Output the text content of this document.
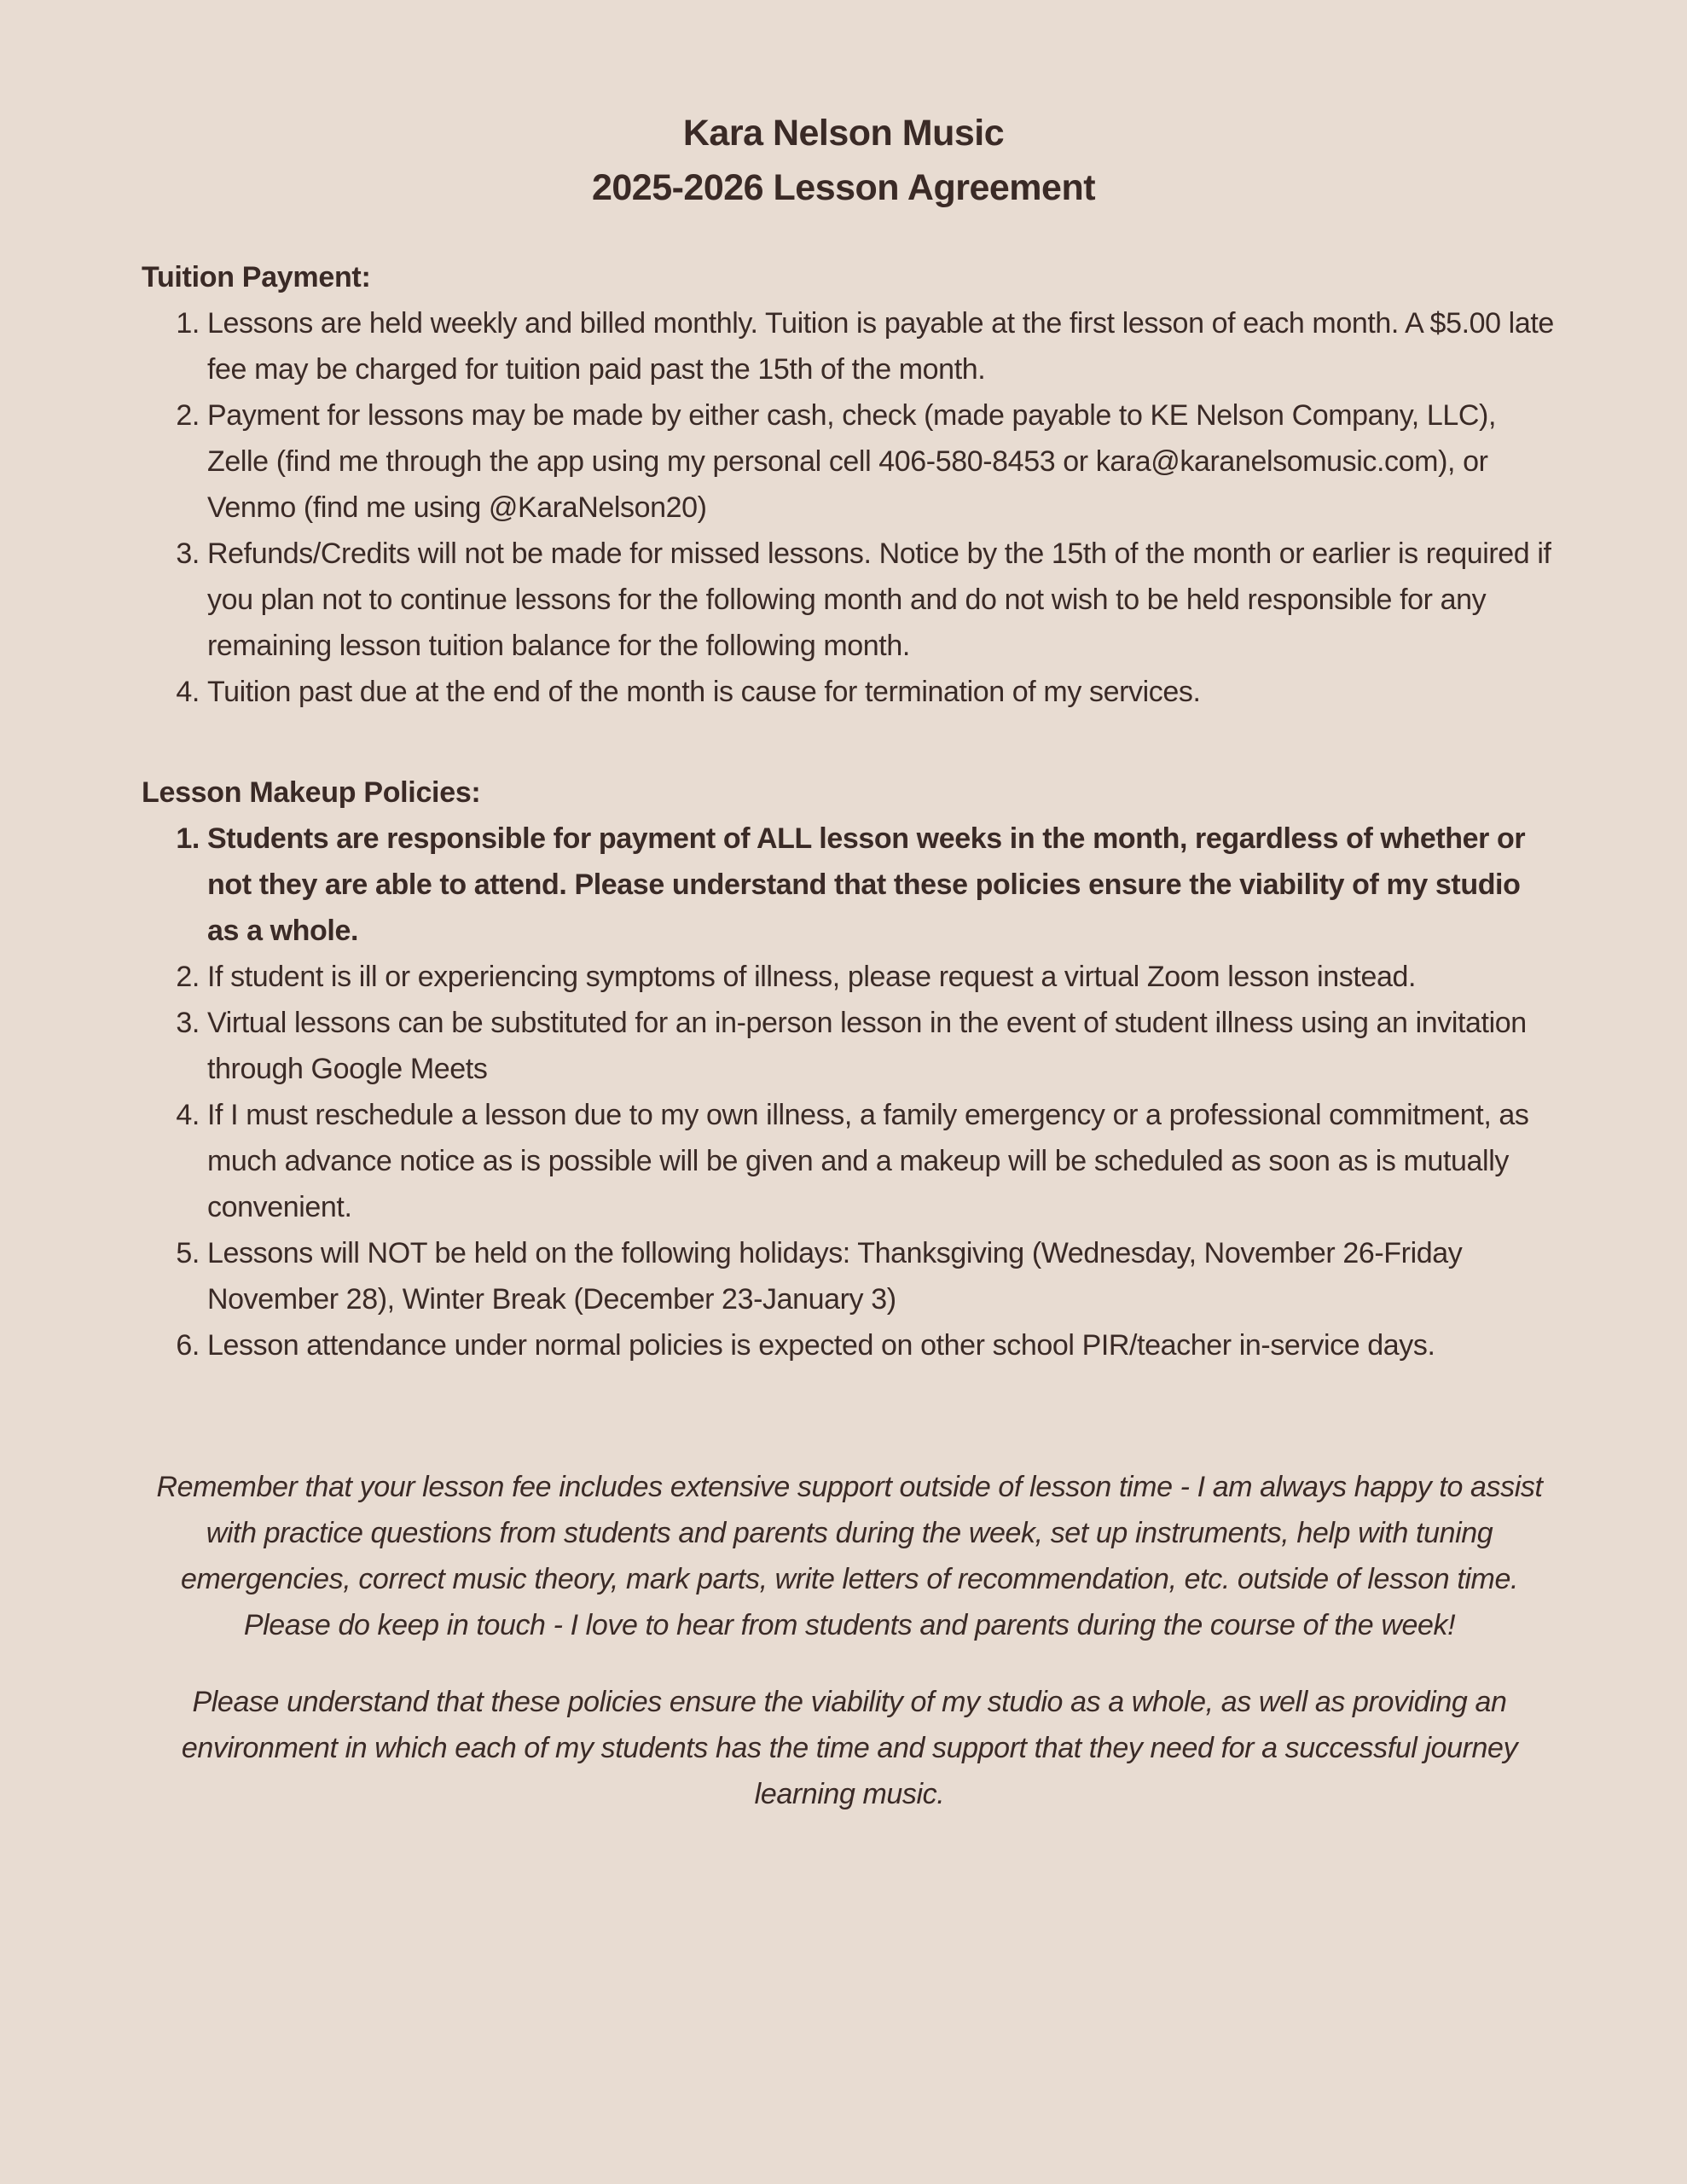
Kara Nelson Music
2025-2026 Lesson Agreement

Tuition Payment:

1. Lessons are held weekly and billed monthly. Tuition is payable at the first lesson of each month. A $5.00 late fee may be charged for tuition paid past the 15th of the month.
2. Payment for lessons may be made by either cash, check (made payable to KE Nelson Company, LLC), Zelle (find me through the app using my personal cell 406-580-8453 or kara@karanelsomusic.com), or Venmo (find me using @KaraNelson20)
3. Refunds/Credits will not be made for missed lessons. Notice by the 15th of the month or earlier is required if you plan not to continue lessons for the following month and do not wish to be held responsible for any remaining lesson tuition balance for the following month.
4. Tuition past due at the end of the month is cause for termination of my services.

Lesson Makeup Policies:

1. Students are responsible for payment of ALL lesson weeks in the month, regardless of whether or not they are able to attend. Please understand that these policies ensure the viability of my studio as a whole.
2. If student is ill or experiencing symptoms of illness, please request a virtual Zoom lesson instead.
3. Virtual lessons can be substituted for an in-person lesson in the event of student illness using an invitation through Google Meets
4. If I must reschedule a lesson due to my own illness, a family emergency or a professional commitment, as much advance notice as is possible will be given and a makeup will be scheduled as soon as is mutually convenient.
5. Lessons will NOT be held on the following holidays: Thanksgiving (Wednesday, November 26-Friday November 28), Winter Break (December 23-January 3)
6. Lesson attendance under normal policies is expected on other school PIR/teacher in-service days.

Remember that your lesson fee includes extensive support outside of lesson time - I am always happy to assist with practice questions from students and parents during the week, set up instruments, help with tuning emergencies, correct music theory, mark parts, write letters of recommendation, etc. outside of lesson time. Please do keep in touch - I love to hear from students and parents during the course of the week!

Please understand that these policies ensure the viability of my studio as a whole, as well as providing an environment in which each of my students has the time and support that they need for a successful journey learning music.
